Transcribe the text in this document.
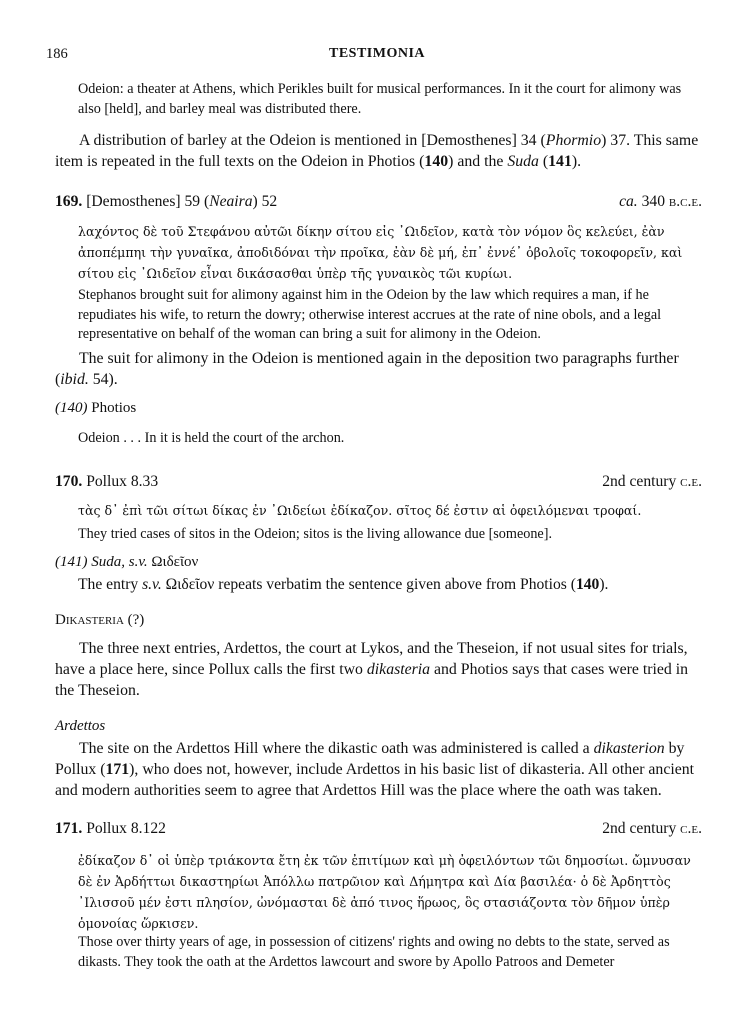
186	TESTIMONIA

Odeion: a theater at Athens, which Perikles built for musical performances. In it the court for alimony was also [held], and barley meal was distributed there.

A distribution of barley at the Odeion is mentioned in [Demosthenes] 34 (Phormio) 37. This same item is repeated in the full texts on the Odeion in Photios (140) and the Suda (141).

169. [Demosthenes] 59 (Neaira) 52	ca. 340 b.c.e.

λαχόντος δὲ τοῦ Στεφάνου αὐτῶι δίκην σίτου εἰς ᾿Ωιδεῖον, κατὰ τὸν νόμον ὃς κελεύει, ἐὰν ἀποπέμπηι τὴν γυναῖκα, ἀποδιδόναι τὴν προῖκα, ἐὰν δὲ μή, ἐπ᾿ ἐννέ᾿ ὀβολοῖς τοκοφορεῖν, καὶ σίτου εἰς ᾿Ωιδεῖον εἶναι δικάσασθαι ὑπὲρ τῆς γυναικὸς τῶι κυρίωι.

Stephanos brought suit for alimony against him in the Odeion by the law which requires a man, if he repudiates his wife, to return the dowry; otherwise interest accrues at the rate of nine obols, and a legal representative on behalf of the woman can bring a suit for alimony in the Odeion.

The suit for alimony in the Odeion is mentioned again in the deposition two paragraphs further (ibid. 54).

(140) Photios

Odeion . . . In it is held the court of the archon.

170. Pollux 8.33	2nd century c.e.

τὰς δ᾿ ἐπὶ τῶι σίτωι δίκας ἐν ᾿Ωιδείωι ἐδίκαζον. σῖτος δέ ἐστιν αἱ ὀφειλόμεναι τροφαί.

They tried cases of sitos in the Odeion; sitos is the living allowance due [someone].

(141) Suda, s.v. Ωιδεῖον

The entry s.v. Ωιδεῖον repeats verbatim the sentence given above from Photios (140).

Dikasteria (?)

The three next entries, Ardettos, the court at Lykos, and the Theseion, if not usual sites for trials, have a place here, since Pollux calls the first two dikasteria and Photios says that cases were tried in the Theseion.

Ardettos

The site on the Ardettos Hill where the dikastic oath was administered is called a dikasterion by Pollux (171), who does not, however, include Ardettos in his basic list of dikasteria. All other ancient and modern authorities seem to agree that Ardettos Hill was the place where the oath was taken.

171. Pollux 8.122	2nd century c.e.

ἐδίκαζον δ᾿ οἱ ὑπὲρ τριάκοντα ἔτη ἐκ τῶν ἐπιτίμων καὶ μὴ ὀφειλόντων τῶι δημοσίωι. ὤμνυσαν δὲ ἐν Ἀρδήττωι δικαστηρίωι Ἀπόλλω πατρῶιον καὶ Δήμητρα καὶ Δία βασιλέα· ὁ δὲ Ἀρδηττὸς ᾿Ιλισσοῦ μέν ἐστι πλησίον, ὠνόμασται δὲ ἀπό τινος ἥρωος, ὃς στασιάζοντα τὸν δῆμον ὑπὲρ ὁμονοίας ὥρκισεν.

Those over thirty years of age, in possession of citizens' rights and owing no debts to the state, served as dikasts. They took the oath at the Ardettos lawcourt and swore by Apollo Patroos and Demeter
